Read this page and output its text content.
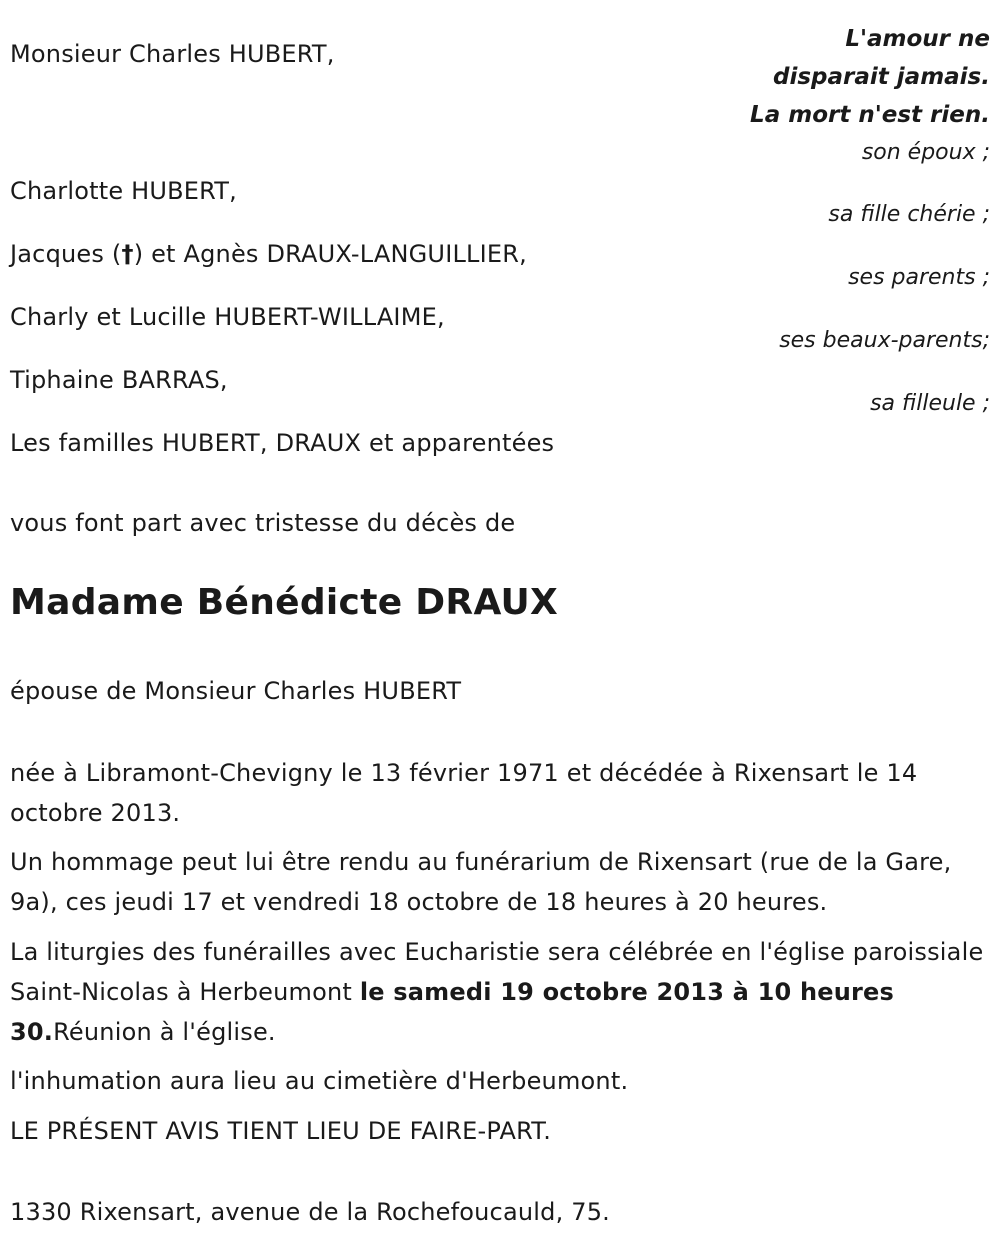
L'amour ne
disparait jamais.
La mort n'est rien.
Monsieur Charles HUBERT,
Charlotte HUBERT,
Jacques (†) et Agnès DRAUX-LANGUILLIER,
Charly et Lucille HUBERT-WILLAIME,
Tiphaine BARRAS,
Les familles HUBERT, DRAUX et apparentées
son époux ;
sa fille chérie ;
ses parents ;
ses beaux-parents;
sa filleule ;
vous font part avec tristesse du décès de
Madame Bénédicte DRAUX
épouse de Monsieur Charles HUBERT
née à Libramont-Chevigny le 13 février 1971 et décédée à Rixensart le 14 octobre 2013.
Un hommage peut lui être rendu au funérarium de Rixensart (rue de la Gare, 9a), ces jeudi 17 et vendredi 18 octobre de 18 heures à 20 heures.
La liturgies des funérailles avec Eucharistie sera célébrée en l'église paroissiale Saint-Nicolas à Herbeumont le samedi 19 octobre 2013 à 10 heures 30.Réunion à l'église.
l'inhumation aura lieu au cimetière d'Herbeumont.
LE PRÉSENT AVIS TIENT LIEU DE FAIRE-PART.
1330 Rixensart, avenue de la Rochefoucauld, 75.
